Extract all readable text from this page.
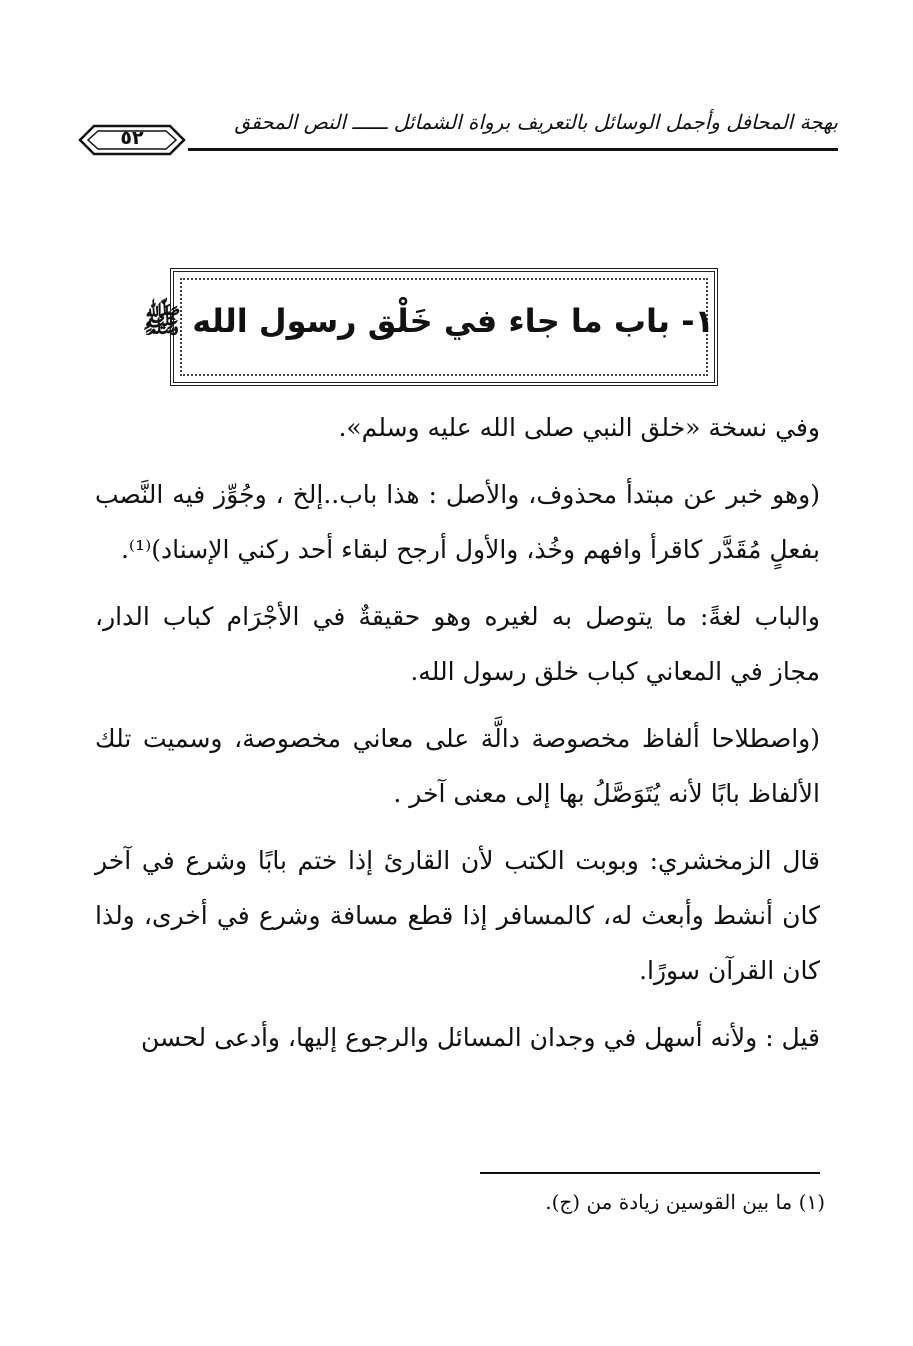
بهجة المحافل وأجمل الوسائل بالتعريف برواة الشمائل ــــــ النص المحقق
٥٢
١- باب ما جاء في خَلْق رسول الله ﷺ

وفي نسخة «خلق النبي صلى الله عليه وسلم».

(وهو خبر عن مبتدأ محذوف، والأصل : هذا باب..إلخ ، وجُوِّز فيه النَّصب بفعلٍ مُقَدَّر كاقرأ وافهم وخُذ، والأول أرجح لبقاء أحد ركني الإسناد)⁽¹⁾.

والباب لغةً: ما يتوصل به لغيره وهو حقيقةٌ في الأجْرَام كباب الدار، مجاز في المعاني كباب خلق رسول الله.

(واصطلاحا ألفاظ مخصوصة دالَّة على معاني مخصوصة، وسميت تلك الألفاظ بابًا لأنه يُتَوَصَّلُ بها إلى معنى آخر .

قال الزمخشري: وبوبت الكتب لأن القارئ إذا ختم بابًا وشرع في آخر كان أنشط وأبعث له، كالمسافر إذا قطع مسافة وشرع في أخرى، ولذا كان القرآن سورًا.

قيل : ولأنه أسهل في وجدان المسائل والرجوع إليها، وأدعى لحسن

(١) ما بين القوسين زيادة من (ج).
